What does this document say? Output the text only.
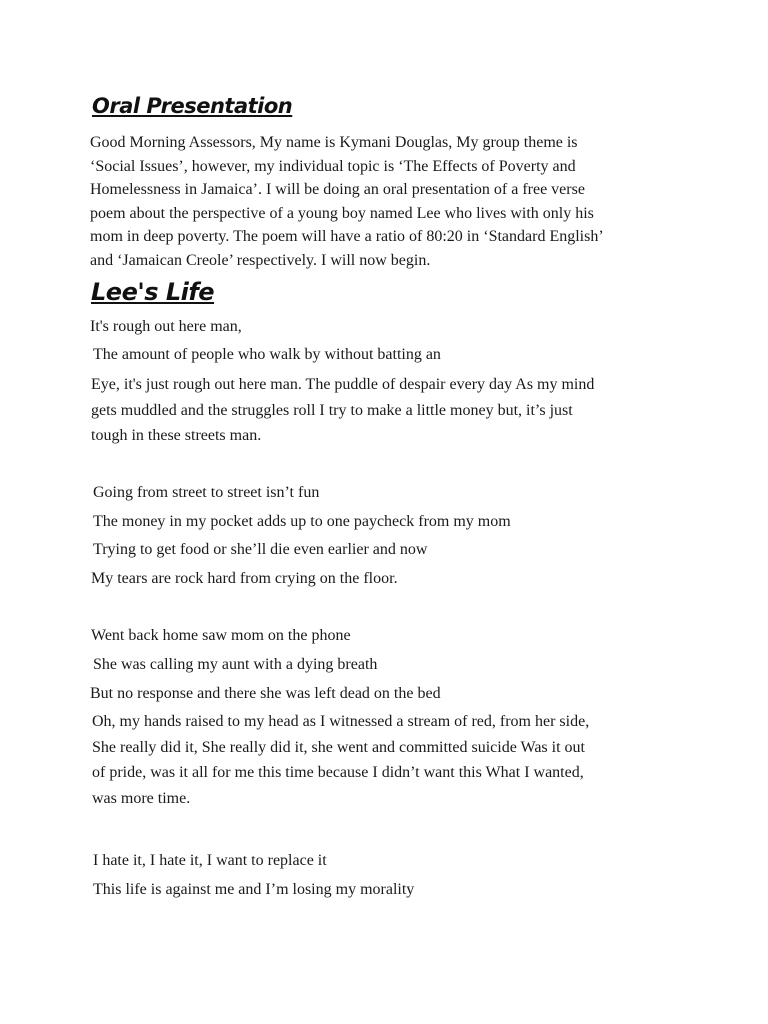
Oral Presentation
Good Morning Assessors, My name is Kymani Douglas, My group theme is
‘Social Issues’, however, my individual topic is ‘The Effects of Poverty and
Homelessness in Jamaica’. I will be doing an oral presentation of a free verse
poem about the perspective of a young boy named Lee who lives with only his
mom in deep poverty. The poem will have a ratio of 80:20 in ‘Standard English’
and ‘Jamaican Creole’ respectively. I will now begin.
Lee's Life
It's rough out here man,
The amount of people who walk by without batting an
Eye, it's just rough out here man. The puddle of despair every day As my mind
gets muddled and the struggles roll I try to make a little money but, it’s just
tough in these streets man.
Going from street to street isn’t fun
The money in my pocket adds up to one paycheck from my mom
Trying to get food or she’ll die even earlier and now
My tears are rock hard from crying on the floor.
Went back home saw mom on the phone
She was calling my aunt with a dying breath
But no response and there she was left dead on the bed
Oh, my hands raised to my head as I witnessed a stream of red, from her side,
She really did it, She really did it, she went and committed suicide Was it out
of pride, was it all for me this time because I didn’t want this What I wanted,
was more time.
I hate it, I hate it, I want to replace it
This life is against me and I’m losing my morality
